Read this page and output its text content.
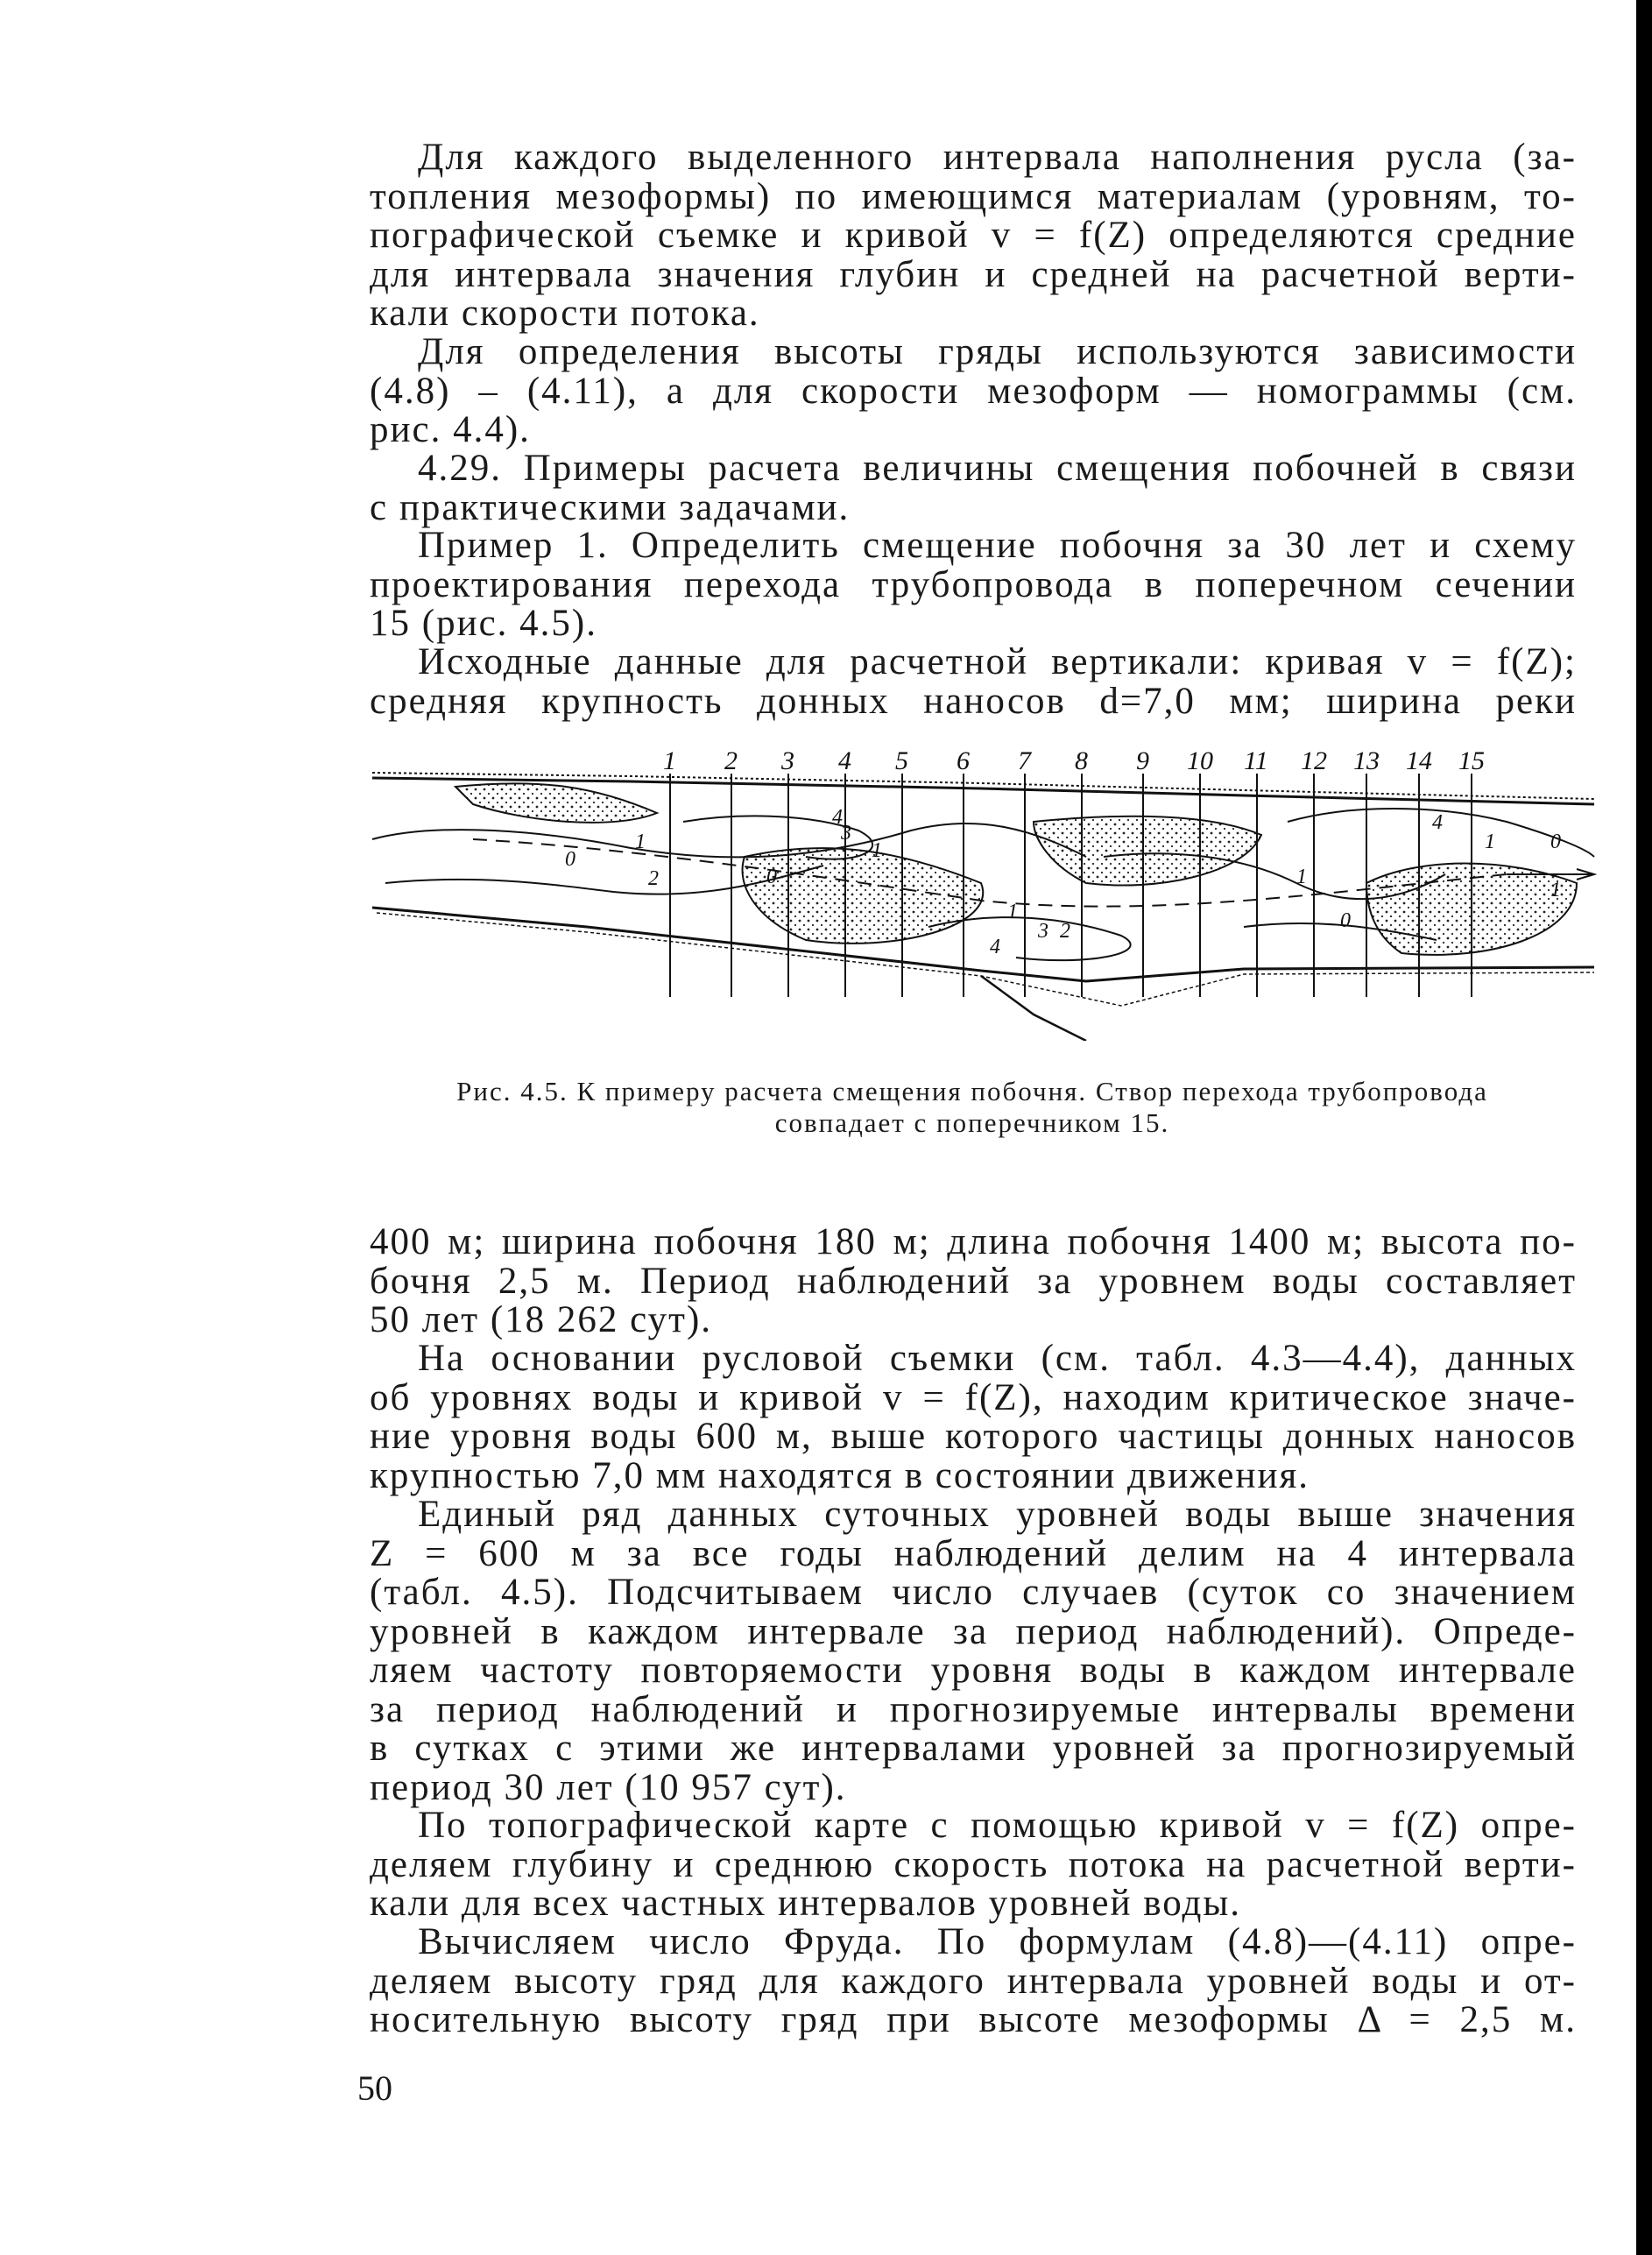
Для каждого выделенного интервала наполнения русла (за-
топления мезоформы) по имеющимся материалам (уровням, то-
пографической съемке и кривой v = f(Z) определяются средние
для интервала значения глубин и средней на расчетной верти-
кали скорости потока.
Для определения высоты гряды используются зависимости
(4.8) – (4.11), а для скорости мезоформ — номограммы (см.
рис. 4.4).
4.29. Примеры расчета величины смещения побочней в связи
с практическими задачами.
Пример 1. Определить смещение побочня за 30 лет и схему
проектирования перехода трубопровода в поперечном сечении
15 (рис. 4.5).
Исходные данные для расчетной вертикали: кривая v = f(Z);
средняя крупность донных наносов d=7,0 мм; ширина реки
1 2 3 4 5 6 7 8 9 10 11 12 13 14 15
0
1
2
3
4
0
1
2
3
4
1	0
1
4
1	0
1
Рис. 4.5. К примеру расчета смещения побочня. Створ перехода трубопровода
совпадает с поперечником 15.
400 м; ширина побочня 180 м; длина побочня 1400 м; высота по-
бочня 2,5 м. Период наблюдений за уровнем воды составляет
50 лет (18 262 сут).
На основании русловой съемки (см. табл. 4.3—4.4), данных
об уровнях воды и кривой v = f(Z), находим критическое значе-
ние уровня воды 600 м, выше которого частицы донных наносов
крупностью 7,0 мм находятся в состоянии движения.
Единый ряд данных суточных уровней воды выше значения
Z = 600 м за все годы наблюдений делим на 4 интервала
(табл. 4.5). Подсчитываем число случаев (суток со значением
уровней в каждом интервале за период наблюдений). Опреде-
ляем частоту повторяемости уровня воды в каждом интервале
за период наблюдений и прогнозируемые интервалы времени
в сутках с этими же интервалами уровней за прогнозируемый
период 30 лет (10 957 сут).
По топографической карте с помощью кривой v = f(Z) опре-
деляем глубину и среднюю скорость потока на расчетной верти-
кали для всех частных интервалов уровней воды.
Вычисляем число Фруда. По формулам (4.8)—(4.11) опре-
деляем высоту гряд для каждого интервала уровней воды и от-
носительную высоту гряд при высоте мезоформы Δ = 2,5 м.
50
